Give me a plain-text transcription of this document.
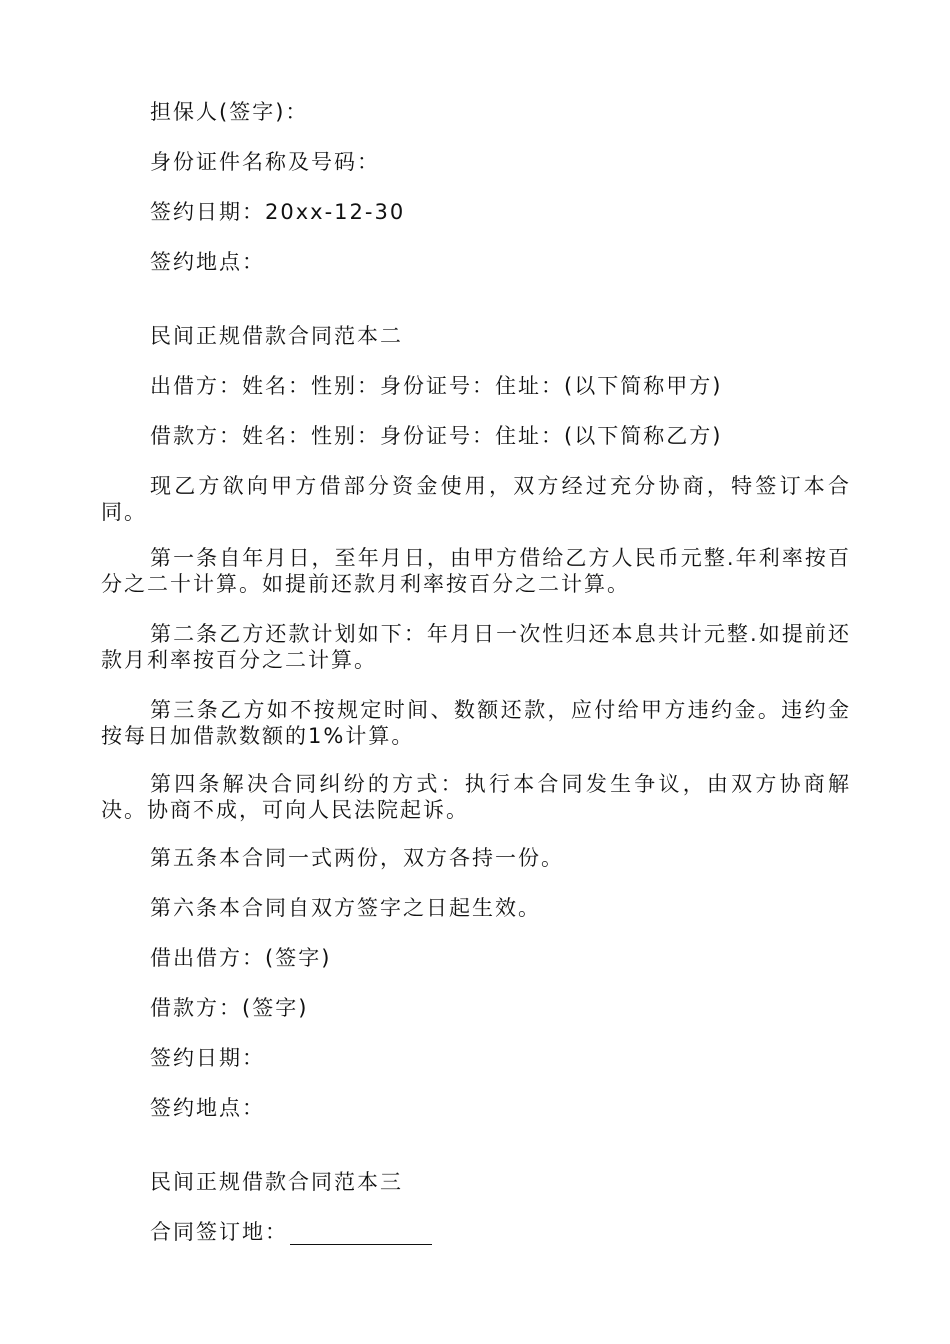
担保人(签字)：
身份证件名称及号码：
签约日期：20xx-12-30
签约地点：
民间正规借款合同范本二
出借方：姓名：性别：身份证号：住址：(以下简称甲方)
借款方：姓名：性别：身份证号：住址：(以下简称乙方)
现乙方欲向甲方借部分资金使用，双方经过充分协商，特签订本合同。
第一条自年月日，至年月日，由甲方借给乙方人民币元整.年利率按百分之二十计算。如提前还款月利率按百分之二计算。
第二条乙方还款计划如下：年月日一次性归还本息共计元整.如提前还款月利率按百分之二计算。
第三条乙方如不按规定时间、数额还款，应付给甲方违约金。违约金按每日加借款数额的1%计算。
第四条解决合同纠纷的方式：执行本合同发生争议，由双方协商解决。协商不成，可向人民法院起诉。
第五条本合同一式两份，双方各持一份。
第六条本合同自双方签字之日起生效。
借出借方：(签字)
借款方：(签字)
签约日期：
签约地点：
民间正规借款合同范本三
合同签订地：
